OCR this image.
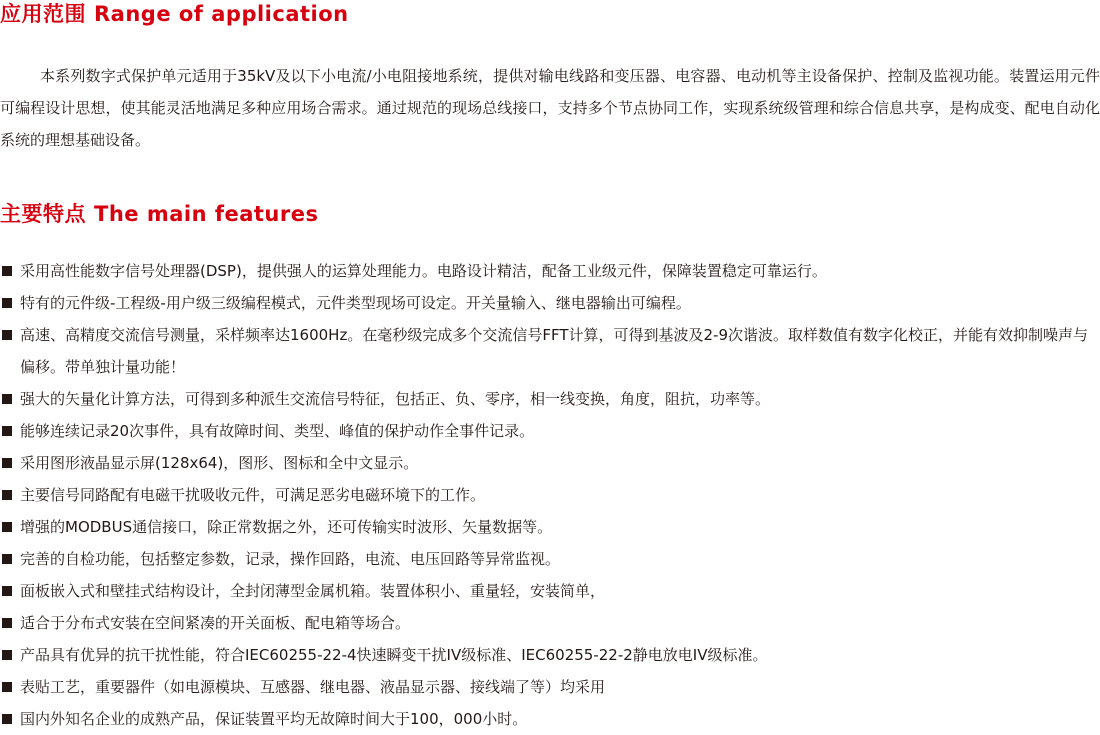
应用范围 Range of application

本系列数字式保护单元适用于35kV及以下小电流/小电阻接地系统，提供对输电线路和变压器、电容器、电动机等主设备保护、控制及监视功能。装置运用元件可编程设计思想，使其能灵活地满足多种应用场合需求。通过规范的现场总线接口，支持多个节点协同工作，实现系统级管理和综合信息共享，是构成变、配电自动化系统的理想基础设备。

主要特点 The main features
采用高性能数字信号处理器(DSP)，提供强人的运算处理能力。电路设计精洁，配备工业级元件，保障装置稳定可靠运行。
特有的元件级-工程级-用户级三级编程模式，元件类型现场可设定。开关量输入、继电器输出可编程。
高速、高精度交流信号测量，采样频率达1600Hz。在毫秒级完成多个交流信号FFT计算，可得到基波及2-9次谐波。取样数值有数字化校正，并能有效抑制噪声与偏移。带单独计量功能！
强大的矢量化计算方法，可得到多种派生交流信号特征，包括正、负、零序，相一线变换，角度，阻抗，功率等。
能够连续记录20次事件，具有故障时间、类型、峰值的保护动作全事件记录。
采用图形液晶显示屏(128x64)，图形、图标和全中文显示。
主要信号同路配有电磁干扰吸收元件，可满足恶劣电磁环境下的工作。
增强的MODBUS通信接口，除正常数据之外，还可传输实时波形、矢量数据等。
完善的自检功能，包括整定参数，记录，操作回路，电流、电压回路等异常监视。
面板嵌入式和壁挂式结构设计，全封闭薄型金属机箱。装置体积小、重量轻，安装简单，
适合于分布式安装在空间紧凑的开关面板、配电箱等场合。
产品具有优异的抗干扰性能，符合IEC60255-22-4快速瞬变干扰IV级标准、IEC60255-22-2静电放电IV级标准。
表贴工艺，重要器件（如电源模块、互感器、继电器、液晶显示器、接线端了等）均采用
国内外知名企业的成熟产品，保证装置平均无故障时间大于100，000小时。
